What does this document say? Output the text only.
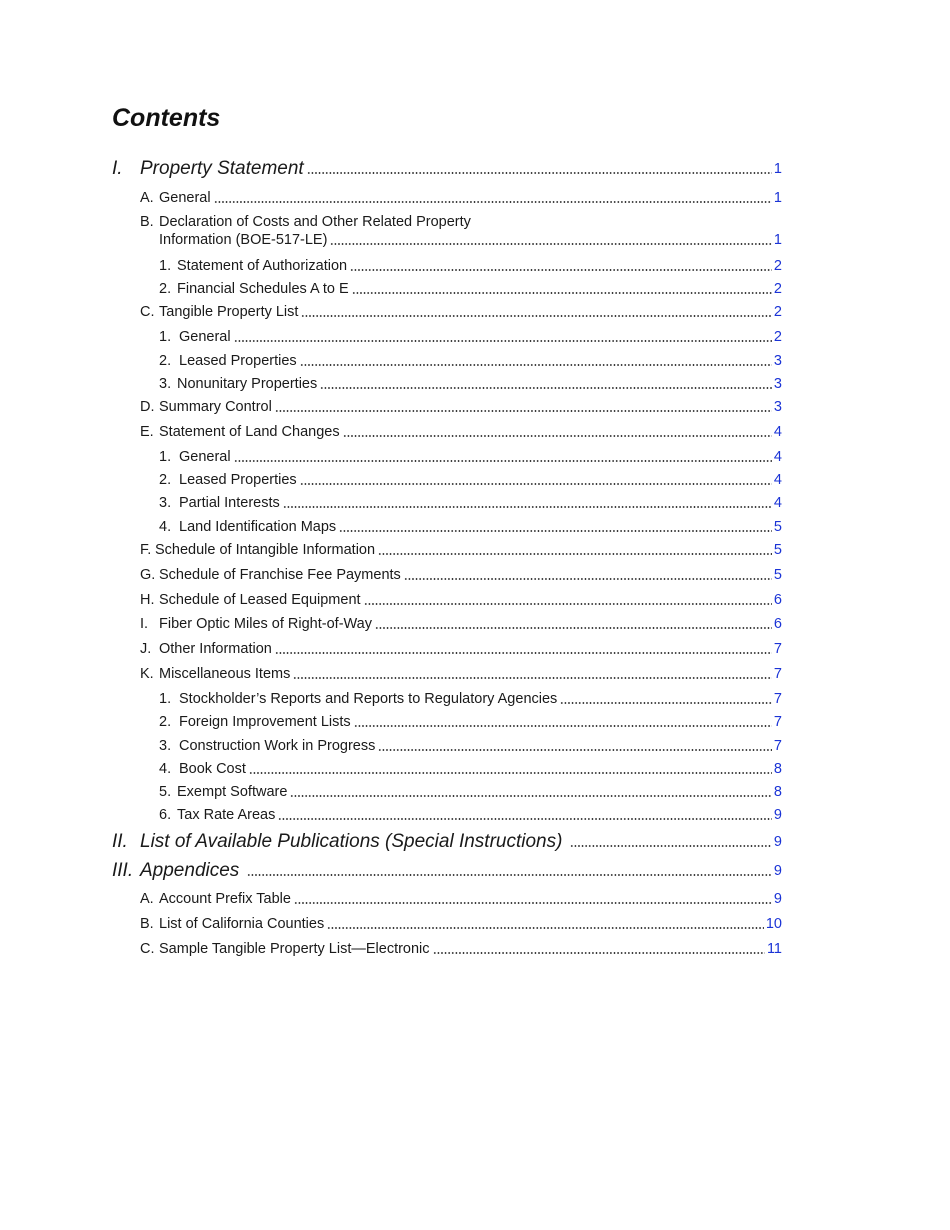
Contents
I. Property Statement	1
A. General	1
B. Declaration of Costs and Other Related Property
Information (BOE-517-LE)	1
1. Statement of Authorization	2
2. Financial Schedules A to E	2
C. Tangible Property List	2
1. General	2
2. Leased Properties	3
3. Nonunitary Properties	3
D. Summary Control	3
E. Statement of Land Changes	4
1. General	4
2. Leased Properties	4
3. Partial Interests	4
4. Land Identification Maps	5
F. Schedule of Intangible Information	5
G. Schedule of Franchise Fee Payments	5
H. Schedule of Leased Equipment	6
I. Fiber Optic Miles of Right-of-Way	6
J. Other Information	7
K. Miscellaneous Items	7
1. Stockholder’s Reports and Reports to Regulatory Agencies	7
2. Foreign Improvement Lists	7
3. Construction Work in Progress	7
4. Book Cost	8
5. Exempt Software	8
6. Tax Rate Areas	9
II. List of Available Publications (Special Instructions)	9
III. Appendices	9
A. Account Prefix Table	9
B. List of California Counties	10
C. Sample Tangible Property List—Electronic	11
